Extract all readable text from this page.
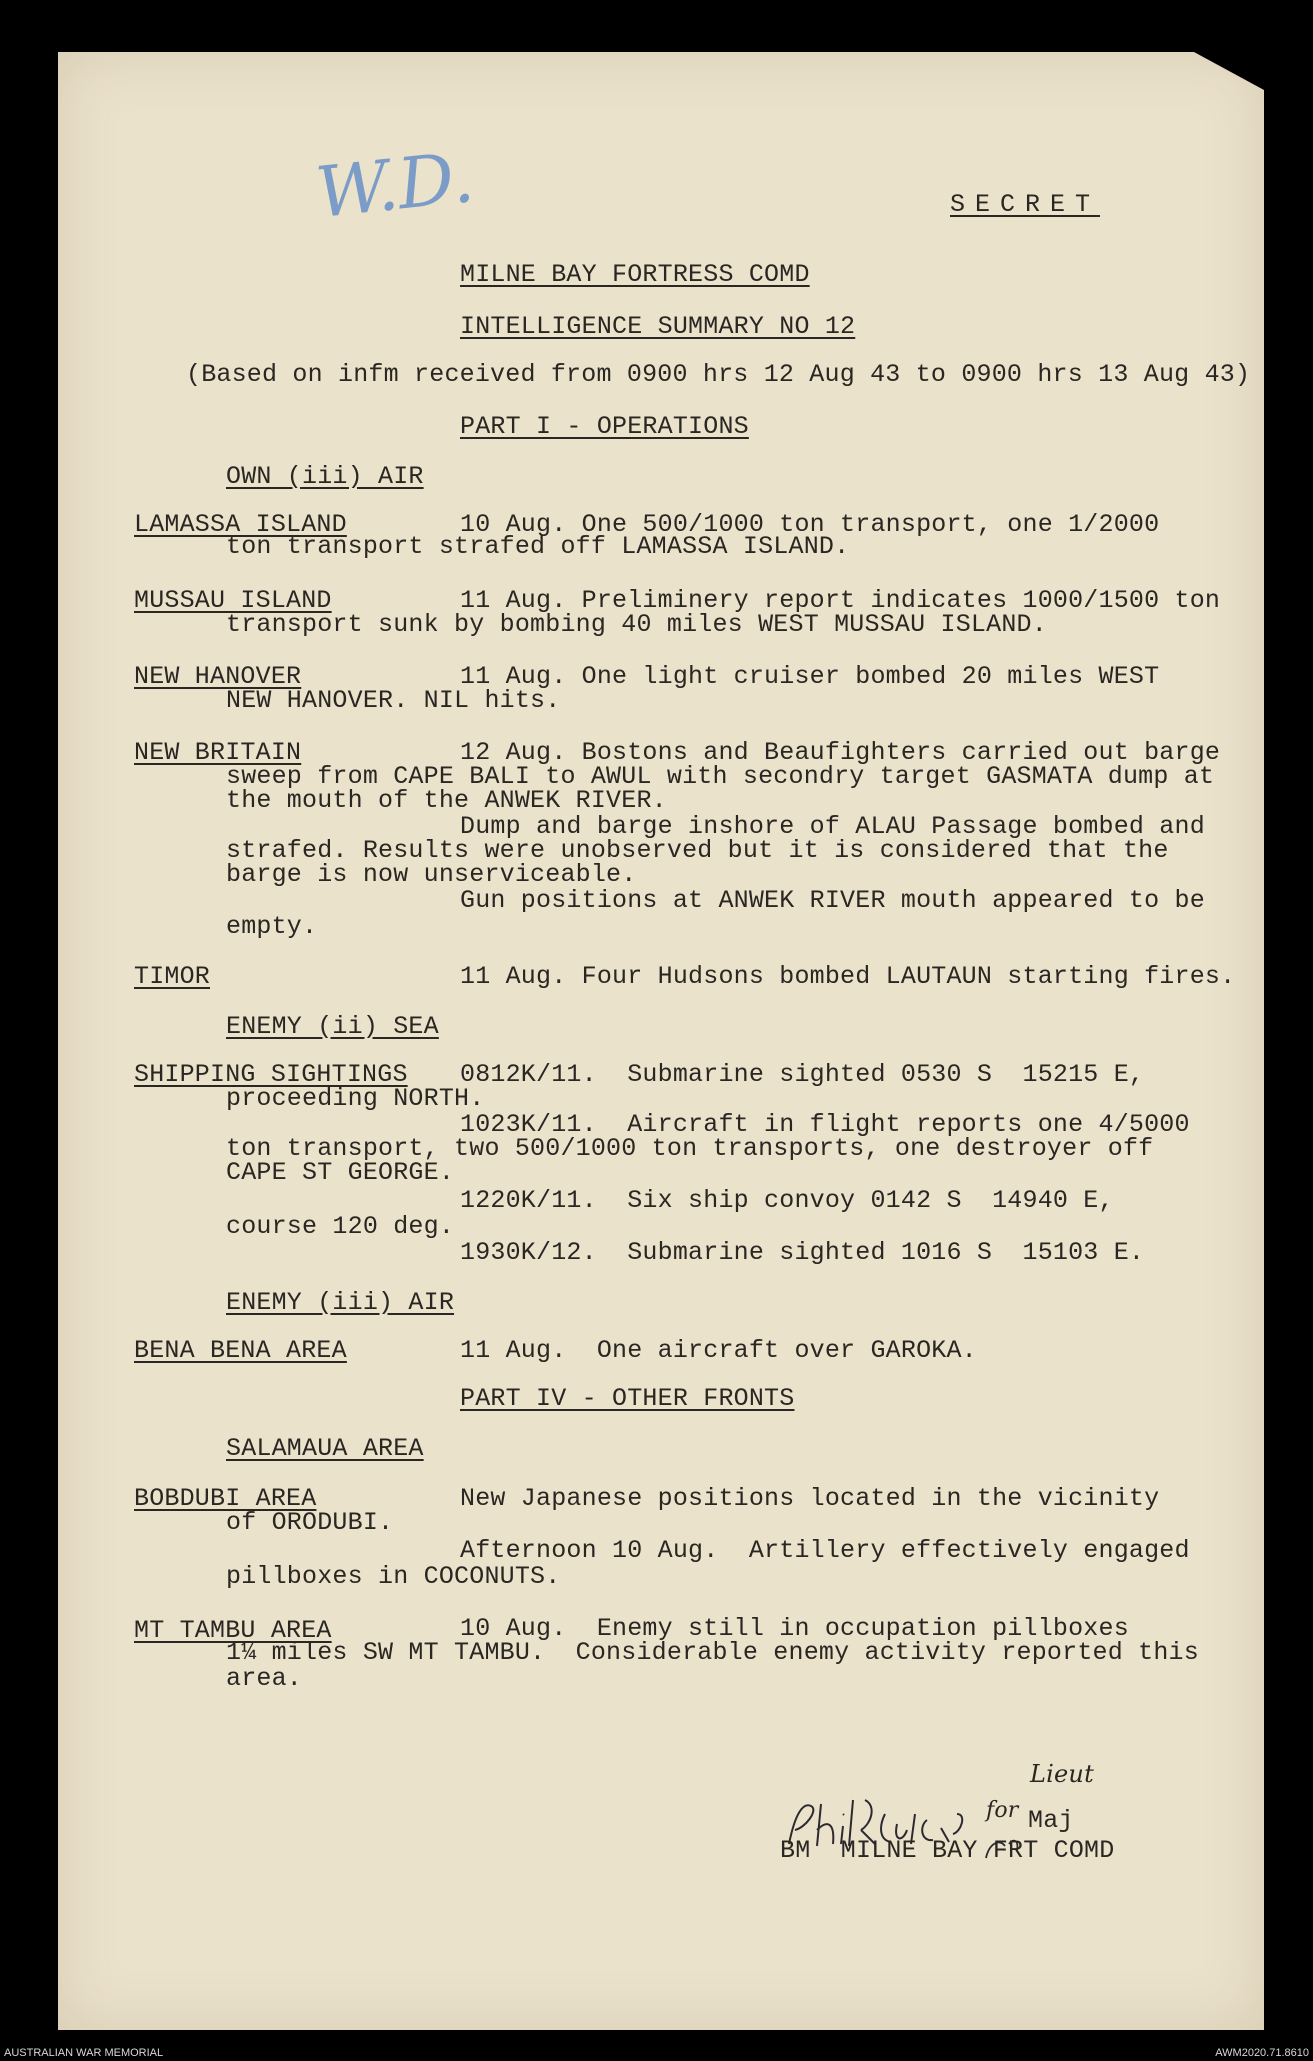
W.D.	SECRET
MILNE BAY FORTRESS COMD
INTELLIGENCE SUMMARY NO 12
(Based on infm received from 0900 hrs 12 Aug 43 to 0900 hrs 13 Aug 43)
PART I - OPERATIONS
OWN (iii) AIR
LAMASSA ISLAND	10 Aug. One 500/1000 ton transport, one 1/2000
ton transport strafed off LAMASSA ISLAND.
MUSSAU ISLAND	11 Aug. Preliminery report indicates 1000/1500 ton
transport sunk by bombing 40 miles WEST MUSSAU ISLAND.
NEW HANOVER	11 Aug. One light cruiser bombed 20 miles WEST
NEW HANOVER. NIL hits.
NEW BRITAIN	12 Aug. Bostons and Beaufighters carried out barge
sweep from CAPE BALI to AWUL with secondry target GASMATA dump at
the mouth of the ANWEK RIVER.
Dump and barge inshore of ALAU Passage bombed and
strafed. Results were unobserved but it is considered that the
barge is now unserviceable.
Gun positions at ANWEK RIVER mouth appeared to be
empty.
TIMOR	11 Aug. Four Hudsons bombed LAUTAUN starting fires.
ENEMY (ii) SEA
SHIPPING SIGHTINGS 0812K/11.  Submarine sighted 0530 S  15215 E,
proceeding NORTH.
1023K/11.  Aircraft in flight reports one 4/5000
ton transport, two 500/1000 ton transports, one destroyer off
CAPE ST GEORGE.
1220K/11.  Six ship convoy 0142 S  14940 E,
course 120 deg.
1930K/12.  Submarine sighted 1016 S  15103 E.
ENEMY (iii) AIR
BENA BENA AREA	11 Aug.  One aircraft over GAROKA.
PART IV - OTHER FRONTS
SALAMAUA AREA
BOBDUBI AREA	New Japanese positions located in the vicinity
of ORODUBI.
Afternoon 10 Aug.  Artillery effectively engaged
pillboxes in COCONUTS.
MT TAMBU AREA	10 Aug.  Enemy still in occupation pillboxes
1¼ miles SW MT TAMBU.  Considerable enemy activity reported this
area.
Lieut
for Maj
BM  MILNE BAY FRT COMD
AUSTRALIAN WAR MEMORIAL	AWM2020.71.8610
